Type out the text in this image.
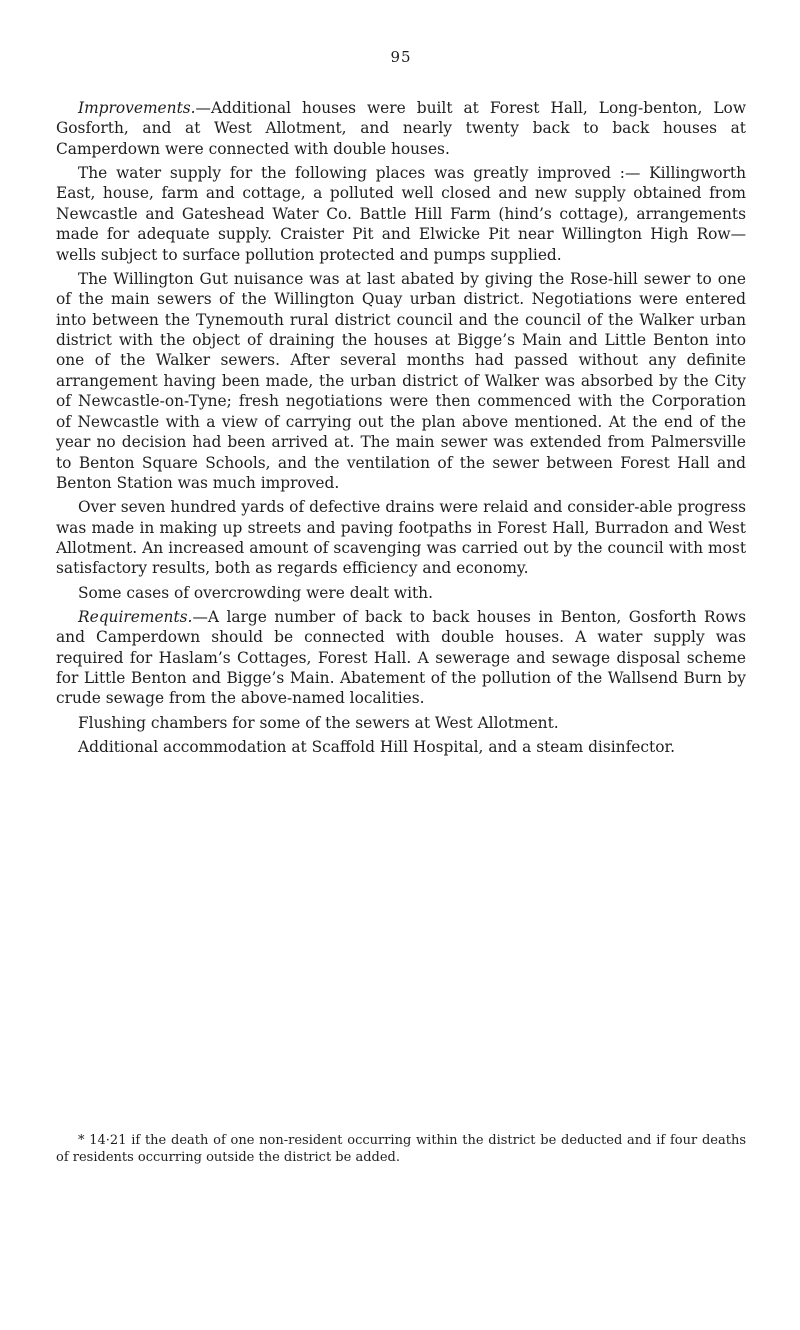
95

Improvements.—Additional houses were built at Forest Hall, Long-benton, Low Gosforth, and at West Allotment, and nearly twenty back to back houses at Camperdown were connected with double houses.

The water supply for the following places was greatly improved :— Killingworth East, house, farm and cottage, a polluted well closed and new supply obtained from Newcastle and Gateshead Water Co. Battle Hill Farm (hind’s cottage), arrangements made for adequate supply. Craister Pit and Elwicke Pit near Willington High Row—wells subject to surface pollution protected and pumps supplied.

The Willington Gut nuisance was at last abated by giving the Rose-hill sewer to one of the main sewers of the Willington Quay urban district. Negotiations were entered into between the Tynemouth rural district council and the council of the Walker urban district with the object of draining the houses at Bigge’s Main and Little Benton into one of the Walker sewers. After several months had passed without any definite arrangement having been made, the urban district of Walker was absorbed by the City of Newcastle-on-Tyne; fresh negotiations were then commenced with the Corporation of Newcastle with a view of carrying out the plan above mentioned. At the end of the year no decision had been arrived at. The main sewer was extended from Palmersville to Benton Square Schools, and the ventilation of the sewer between Forest Hall and Benton Station was much improved.

Over seven hundred yards of defective drains were relaid and consider-able progress was made in making up streets and paving footpaths in Forest Hall, Burradon and West Allotment. An increased amount of scavenging was carried out by the council with most satisfactory results, both as regards efficiency and economy.

Some cases of overcrowding were dealt with.

Requirements.—A large number of back to back houses in Benton, Gosforth Rows and Camperdown should be connected with double houses. A water supply was required for Haslam’s Cottages, Forest Hall. A sewerage and sewage disposal scheme for Little Benton and Bigge’s Main. Abatement of the pollution of the Wallsend Burn by crude sewage from the above-named localities.

Flushing chambers for some of the sewers at West Allotment.

Additional accommodation at Scaffold Hill Hospital, and a steam disinfector.

* 14·21 if the death of one non-resident occurring within the district be deducted and if four deaths of residents occurring outside the district be added.
